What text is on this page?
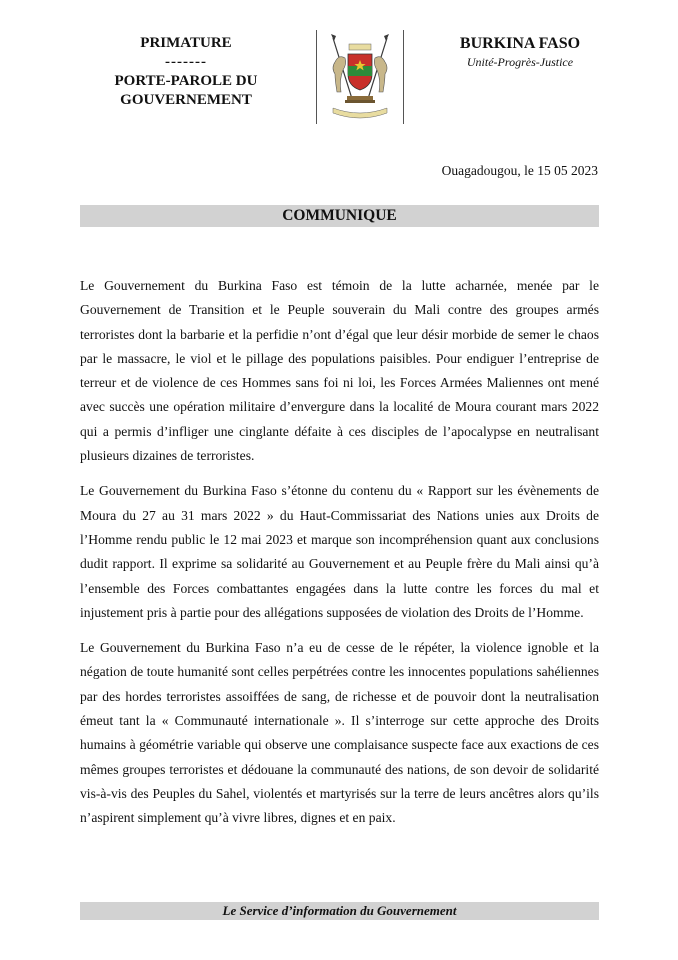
PRIMATURE
-------
PORTE-PAROLE DU
GOUVERNEMENT
BURKINA FASO
Unité-Progrès-Justice
Ouagadougou, le 15 05 2023
COMMUNIQUE

Le Gouvernement du Burkina Faso est témoin de la lutte acharnée, menée par le Gouvernement de Transition et le Peuple souverain du Mali contre des groupes armés terroristes dont la barbarie et la perfidie n’ont d’égal que leur désir morbide de semer le chaos par le massacre, le viol et le pillage des populations paisibles. Pour endiguer l’entreprise de terreur et de violence de ces Hommes sans foi ni loi, les Forces Armées Maliennes ont mené avec succès une opération militaire d’envergure dans la localité de Moura courant mars 2022 qui a permis d’infliger une cinglante défaite à ces disciples de l’apocalypse en neutralisant plusieurs dizaines de terroristes.

Le Gouvernement du Burkina Faso s’étonne du contenu du « Rapport sur les évènements de Moura du 27 au 31 mars 2022 » du Haut-Commissariat des Nations unies aux Droits de l’Homme rendu public le 12 mai 2023 et marque son incompréhension quant aux conclusions dudit rapport. Il exprime sa solidarité au Gouvernement et au Peuple frère du Mali ainsi qu’à l’ensemble des Forces combattantes engagées dans la lutte contre les forces du mal et injustement pris à partie pour des allégations supposées de violation des Droits de l’Homme.

Le Gouvernement du Burkina Faso n’a eu de cesse de le répéter, la violence ignoble et la négation de toute humanité sont celles perpétrées contre les innocentes populations sahéliennes par des hordes terroristes assoiffées de sang, de richesse et de pouvoir dont la neutralisation émeut tant la « Communauté internationale ». Il s’interroge sur cette approche des Droits humains à géométrie variable qui observe une complaisance suspecte face aux exactions de ces mêmes groupes terroristes et dédouane la communauté des nations, de son devoir de solidarité vis-à-vis des Peuples du Sahel, violentés et martyrisés sur la terre de leurs ancêtres alors qu’ils n’aspirent simplement qu’à vivre libres, dignes et en paix.

Le Service d’information du Gouvernement
